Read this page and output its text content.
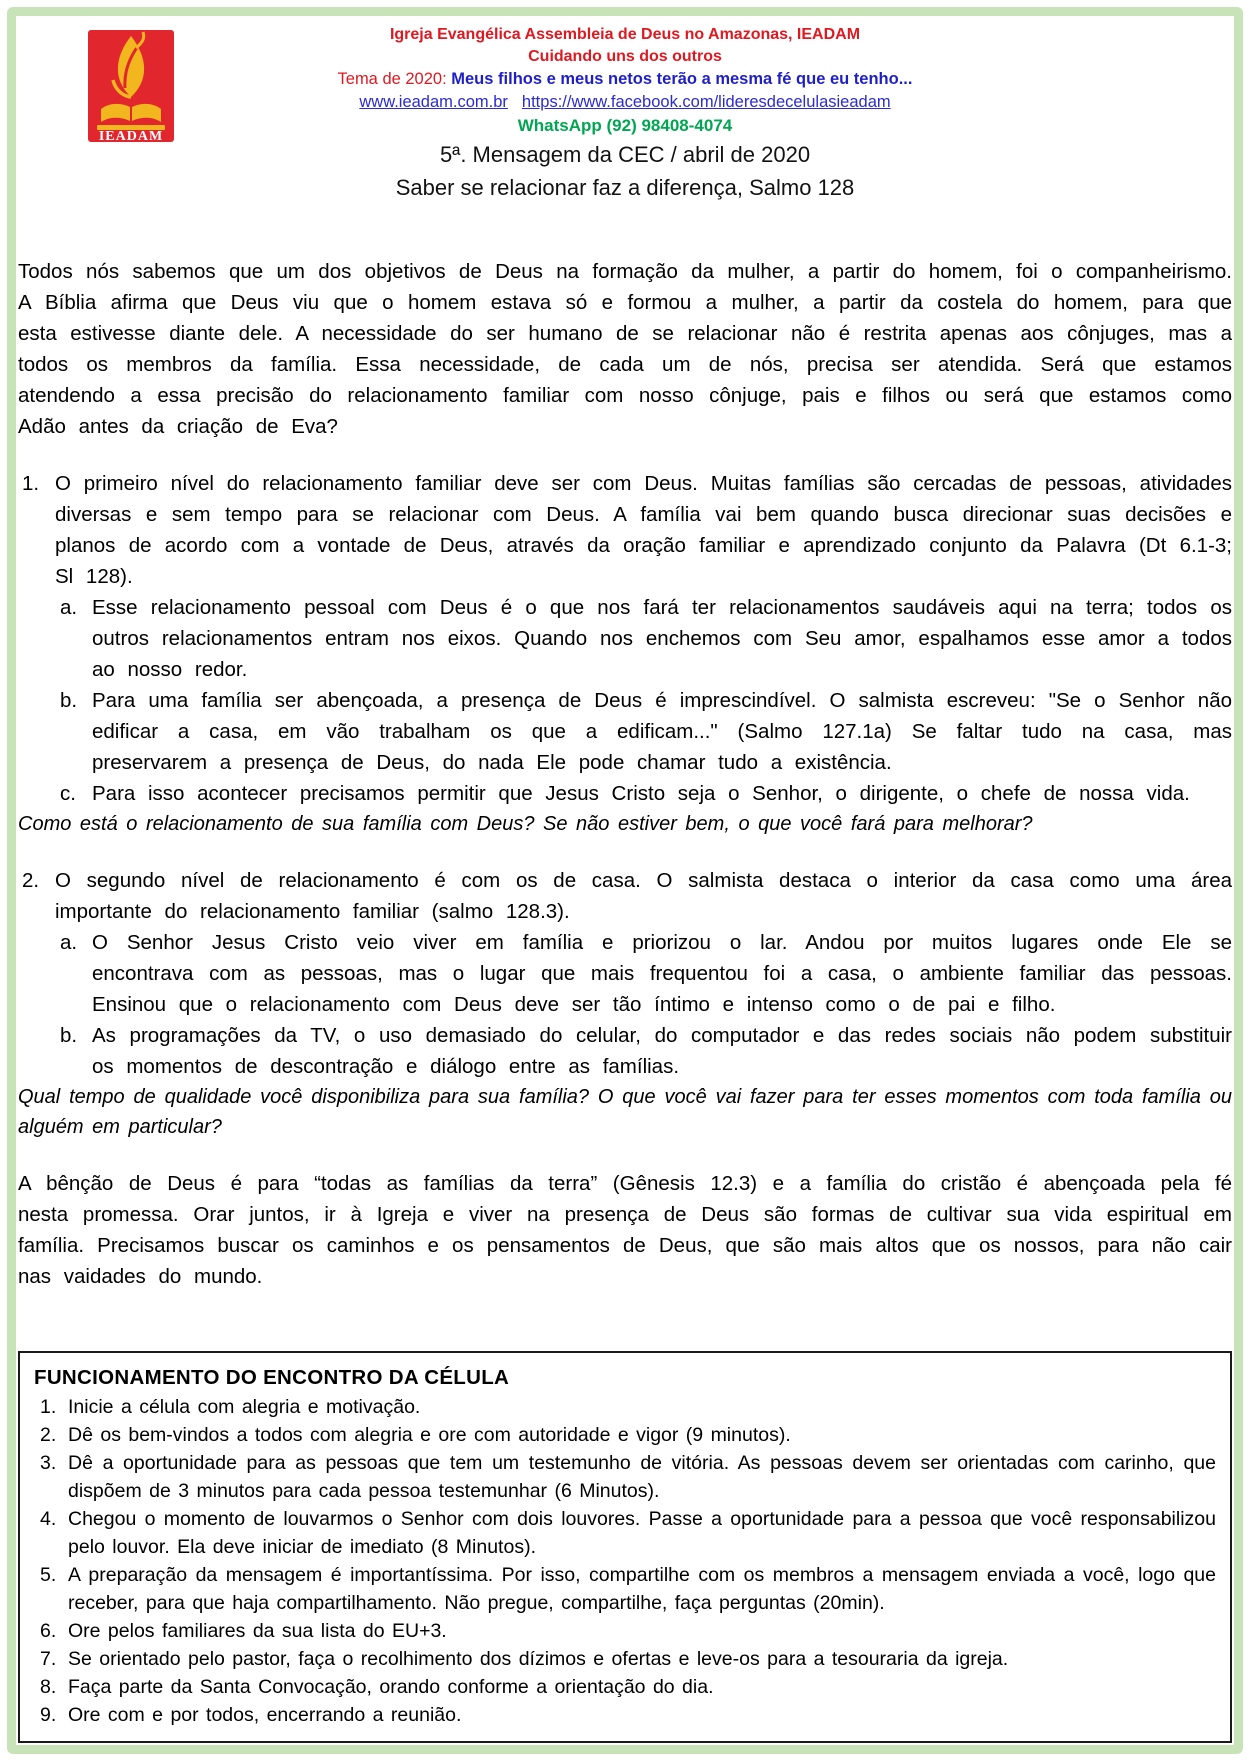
IEADAM
Igreja Evangélica Assembleia de Deus no Amazonas, IEADAM
Cuidando uns dos outros
Tema de 2020: Meus filhos e meus netos terão a mesma fé que eu tenho...
www.ieadam.com.br https://www.facebook.com/lideresdecelulasieadam
WhatsApp (92) 98408-4074
5ª. Mensagem da CEC / abril de 2020
Saber se relacionar faz a diferença, Salmo 128

Todos nós sabemos que um dos objetivos de Deus na formação da mulher, a partir do homem, foi o companheirismo. A Bíblia afirma que Deus viu que o homem estava só e formou a mulher, a partir da costela do homem, para que esta estivesse diante dele. A necessidade do ser humano de se relacionar não é restrita apenas aos cônjuges, mas a todos os membros da família. Essa necessidade, de cada um de nós, precisa ser atendida. Será que estamos atendendo a essa precisão do relacionamento familiar com nosso cônjuge, pais e filhos ou será que estamos como Adão antes da criação de Eva?

1. O primeiro nível do relacionamento familiar deve ser com Deus. Muitas famílias são cercadas de pessoas, atividades diversas e sem tempo para se relacionar com Deus. A família vai bem quando busca direcionar suas decisões e planos de acordo com a vontade de Deus, através da oração familiar e aprendizado conjunto da Palavra (Dt 6.1-3; Sl 128).
a. Esse relacionamento pessoal com Deus é o que nos fará ter relacionamentos saudáveis aqui na terra; todos os outros relacionamentos entram nos eixos. Quando nos enchemos com Seu amor, espalhamos esse amor a todos ao nosso redor.
b. Para uma família ser abençoada, a presença de Deus é imprescindível. O salmista escreveu: "Se o Senhor não edificar a casa, em vão trabalham os que a edificam..." (Salmo 127.1a) Se faltar tudo na casa, mas preservarem a presença de Deus, do nada Ele pode chamar tudo a existência.
c. Para isso acontecer precisamos permitir que Jesus Cristo seja o Senhor, o dirigente, o chefe de nossa vida.

Como está o relacionamento de sua família com Deus? Se não estiver bem, o que você fará para melhorar?

2. O segundo nível de relacionamento é com os de casa. O salmista destaca o interior da casa como uma área importante do relacionamento familiar (salmo 128.3).
a. O Senhor Jesus Cristo veio viver em família e priorizou o lar. Andou por muitos lugares onde Ele se encontrava com as pessoas, mas o lugar que mais frequentou foi a casa, o ambiente familiar das pessoas. Ensinou que o relacionamento com Deus deve ser tão íntimo e intenso como o de pai e filho.
b. As programações da TV, o uso demasiado do celular, do computador e das redes sociais não podem substituir os momentos de descontração e diálogo entre as famílias.

Qual tempo de qualidade você disponibiliza para sua família? O que você vai fazer para ter esses momentos com toda família ou alguém em particular?

A bênção de Deus é para “todas as famílias da terra” (Gênesis 12.3) e a família do cristão é abençoada pela fé nesta promessa. Orar juntos, ir à Igreja e viver na presença de Deus são formas de cultivar sua vida espiritual em família. Precisamos buscar os caminhos e os pensamentos de Deus, que são mais altos que os nossos, para não cair nas vaidades do mundo.

FUNCIONAMENTO DO ENCONTRO DA CÉLULA
1. Inicie a célula com alegria e motivação.
2. Dê os bem-vindos a todos com alegria e ore com autoridade e vigor (9 minutos).
3. Dê a oportunidade para as pessoas que tem um testemunho de vitória. As pessoas devem ser orientadas com carinho, que dispõem de 3 minutos para cada pessoa testemunhar (6 Minutos).
4. Chegou o momento de louvarmos o Senhor com dois louvores. Passe a oportunidade para a pessoa que você responsabilizou pelo louvor. Ela deve iniciar de imediato (8 Minutos).
5. A preparação da mensagem é importantíssima. Por isso, compartilhe com os membros a mensagem enviada a você, logo que receber, para que haja compartilhamento. Não pregue, compartilhe, faça perguntas (20min).
6. Ore pelos familiares da sua lista do EU+3.
7. Se orientado pelo pastor, faça o recolhimento dos dízimos e ofertas e leve-os para a tesouraria da igreja.
8. Faça parte da Santa Convocação, orando conforme a orientação do dia.
9. Ore com e por todos, encerrando a reunião.
